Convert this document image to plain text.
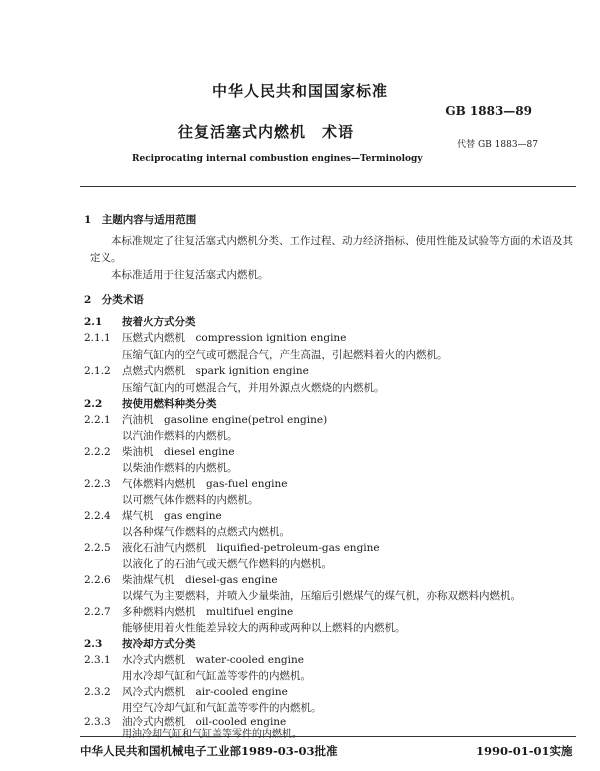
中华人民共和国国家标准
GB 1883—89
往复活塞式内燃机　术语
代替 GB 1883—87
Reciprocating internal combustion engines—Terminology
1　主题内容与适用范围
本标准规定了往复活塞式内燃机分类、工作过程、动力经济指标、使用性能及试验等方面的术语及其定义。
本标准适用于往复活塞式内燃机。
2　分类术语
2.1 按着火方式分类
2.1.1 压燃式内燃机　compression ignition engine
压缩气缸内的空气或可燃混合气，产生高温，引起燃料着火的内燃机。
2.1.2 点燃式内燃机　spark ignition engine
压缩气缸内的可燃混合气，并用外源点火燃烧的内燃机。
2.2 按使用燃料种类分类
2.2.1 汽油机　gasoline engine(petrol engine)
以汽油作燃料的内燃机。
2.2.2 柴油机　diesel engine
以柴油作燃料的内燃机。
2.2.3 气体燃料内燃机　gas-fuel engine
以可燃气体作燃料的内燃机。
2.2.4 煤气机　gas engine
以各种煤气作燃料的点燃式内燃机。
2.2.5 液化石油气内燃机　liquified-petroleum-gas engine
以液化了的石油气或天燃气作燃料的内燃机。
2.2.6 柴油煤气机　diesel-gas engine
以煤气为主要燃料，并喷入少量柴油，压缩后引燃煤气的煤气机，亦称双燃料内燃机。
2.2.7 多种燃料内燃机　multifuel engine
能够使用着火性能差异较大的两种或两种以上燃料的内燃机。
2.3 按冷却方式分类
2.3.1 水冷式内燃机　water-cooled engine
用水冷却气缸和气缸盖等零件的内燃机。
2.3.2 风冷式内燃机　air-cooled engine
用空气冷却气缸和气缸盖等零件的内燃机。
2.3.3 油冷式内燃机　oil-cooled engine
用油冷却气缸和气缸盖等零件的内燃机。
中华人民共和国机械电子工业部1989-03-03批准	1990-01-01实施
